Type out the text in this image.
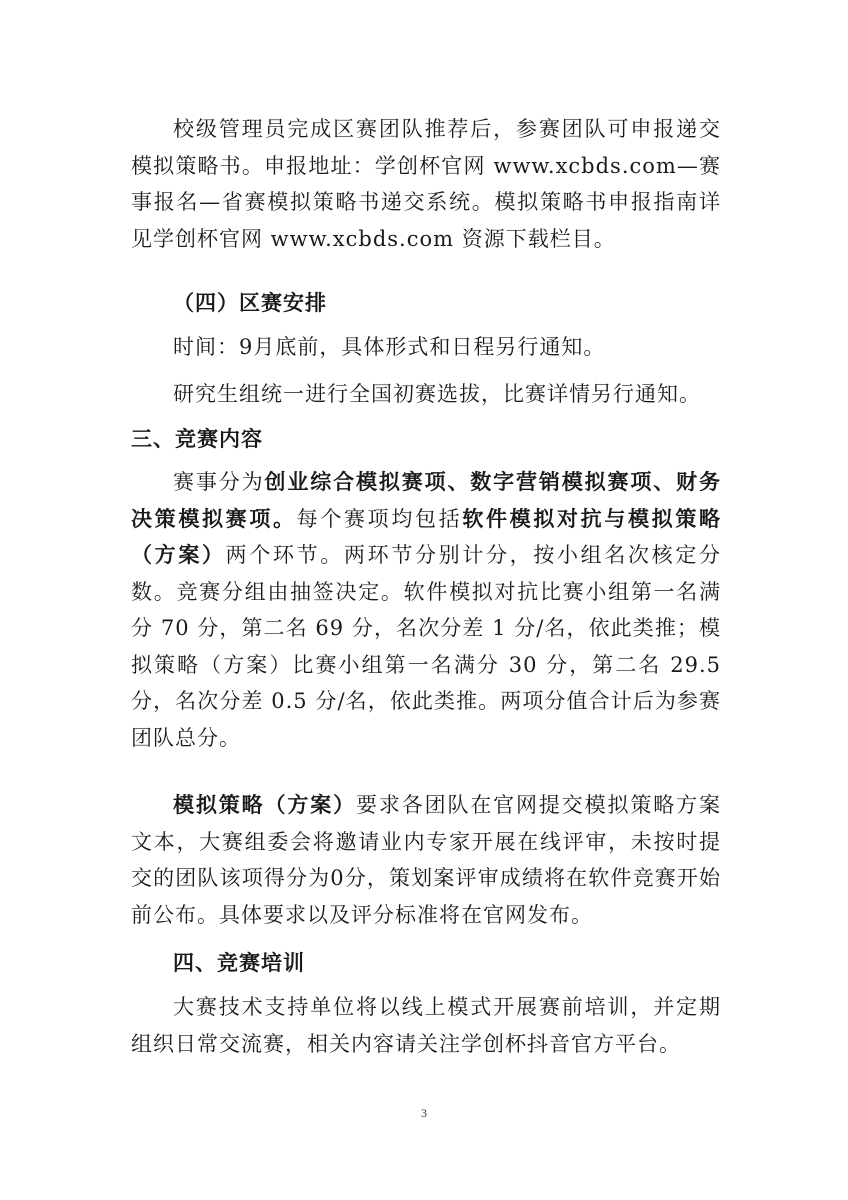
校级管理员完成区赛团队推荐后，参赛团队可申报递交模拟策略书。申报地址：学创杯官网 www.xcbds.com—赛事报名—省赛模拟策略书递交系统。模拟策略书申报指南详见学创杯官网 www.xcbds.com 资源下载栏目。

（四）区赛安排

时间：9月底前，具体形式和日程另行通知。

研究生组统一进行全国初赛选拔，比赛详情另行通知。

三、竞赛内容

赛事分为创业综合模拟赛项、数字营销模拟赛项、财务决策模拟赛项。每个赛项均包括软件模拟对抗与模拟策略（方案）两个环节。两环节分别计分，按小组名次核定分数。竞赛分组由抽签决定。软件模拟对抗比赛小组第一名满分 70 分，第二名 69 分，名次分差 1 分/名，依此类推；模拟策略（方案）比赛小组第一名满分 30 分，第二名 29.5 分，名次分差 0.5 分/名，依此类推。两项分值合计后为参赛团队总分。

模拟策略（方案）要求各团队在官网提交模拟策略方案文本，大赛组委会将邀请业内专家开展在线评审，未按时提交的团队该项得分为0分，策划案评审成绩将在软件竞赛开始前公布。具体要求以及评分标准将在官网发布。

四、竞赛培训

大赛技术支持单位将以线上模式开展赛前培训，并定期组织日常交流赛，相关内容请关注学创杯抖音官方平台。

3
